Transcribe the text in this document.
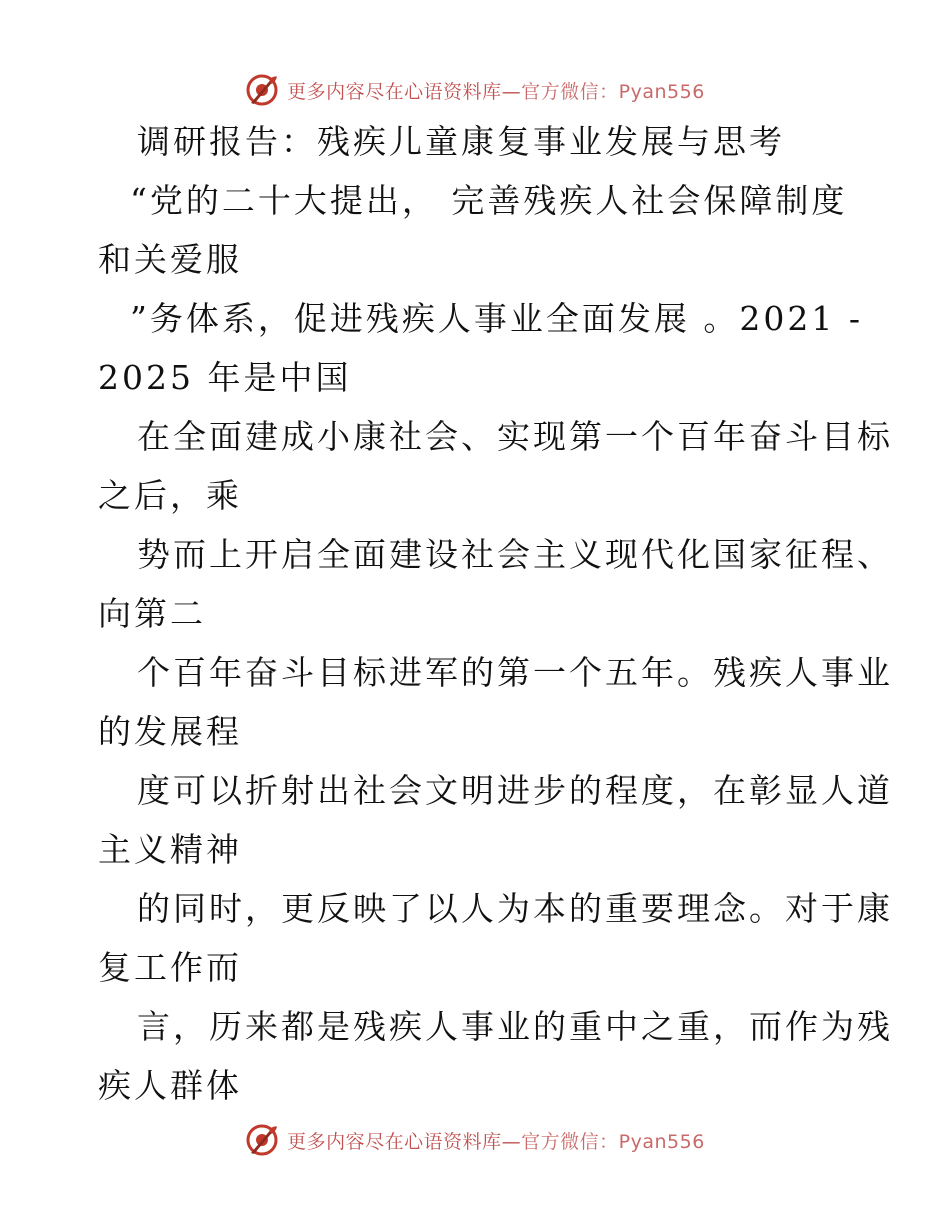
更多内容尽在心语资料库—官方微信：Pyan556
调研报告：残疾儿童康复事业发展与思考
“党的二十大提出， 完善残疾人社会保障制度
和关爱服
”务体系，促进残疾人事业全面发展 。2021 -
2025 年是中国
在全面建成小康社会、实现第一个百年奋斗目标
之后，乘
势而上开启全面建设社会主义现代化国家征程、
向第二
个百年奋斗目标进军的第一个五年。残疾人事业
的发展程
度可以折射出社会文明进步的程度，在彰显人道
主义精神
的同时，更反映了以人为本的重要理念。对于康
复工作而
言，历来都是残疾人事业的重中之重，而作为残
疾人群体
更多内容尽在心语资料库—官方微信：Pyan556
